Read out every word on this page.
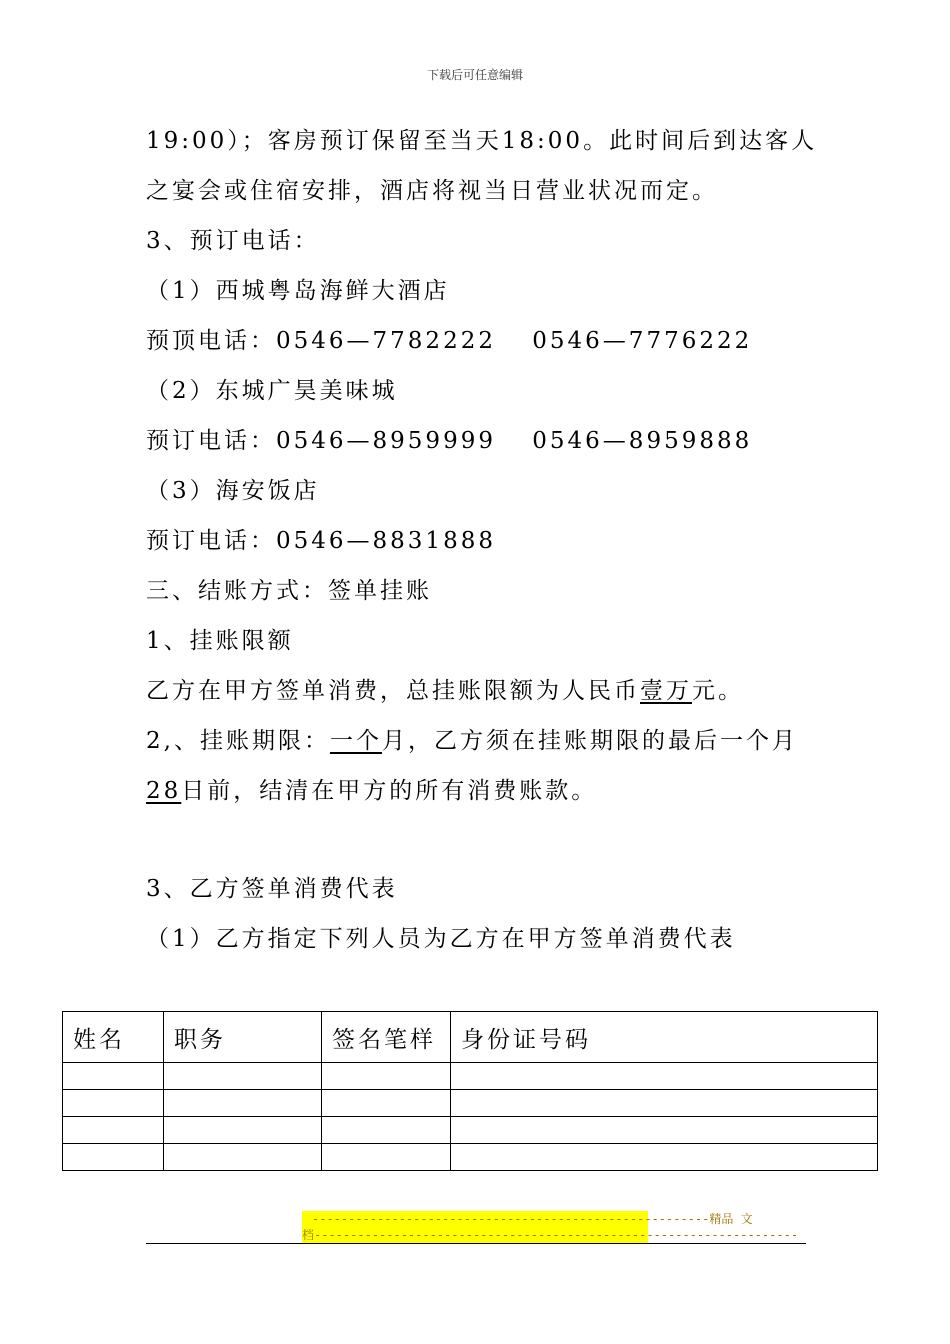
下载后可任意编辑
19:00）；客房预订保留至当天18:00。此时间后到达客人
之宴会或住宿安排，酒店将视当日营业状况而定。
3、预订电话：
（1）西城粤岛海鲜大酒店
预顶电话：0546—7782222　 0546—7776222
（2）东城广昊美味城
预订电话：0546—8959999　 0546—8959888
（3）海安饭店
预订电话：0546—8831888
三、结账方式：签单挂账
1、挂账限额
乙方在甲方签单消费，总挂账限额为人民币壹万元。
2,、挂账期限：一个月，乙方须在挂账期限的最后一个月
28日前，结清在甲方的所有消费账款。
3、乙方签单消费代表
（1）乙方指定下列人员为乙方在甲方签单消费代表
姓名	职务	签名笔样	身份证号码

-------------------------------------------------------精品 文
档-------------------------------------------------------------------
